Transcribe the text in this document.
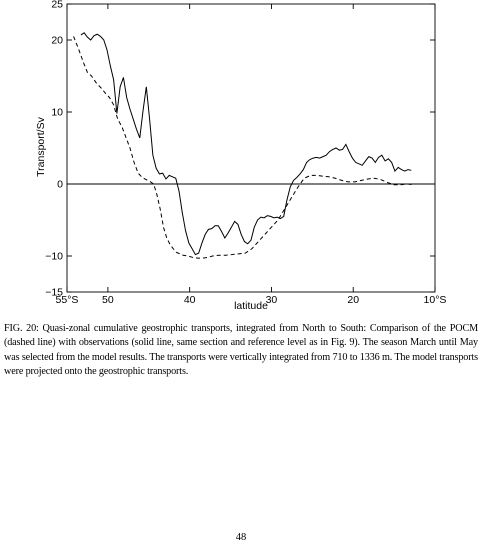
55°S 50	40	30	20	10°S
−15
−10
0
10
20
25
Transport/Sv
latitude

FIG. 20: Quasi-zonal cumulative geostrophic transports, integrated from North to South: Comparison of the POCM (dashed line) with observations (solid line, same section and reference level as in Fig. 9). The season March until May was selected from the model results. The transports were vertically integrated from 710 to 1336 m. The model transports were projected onto the geostrophic transports.

48
